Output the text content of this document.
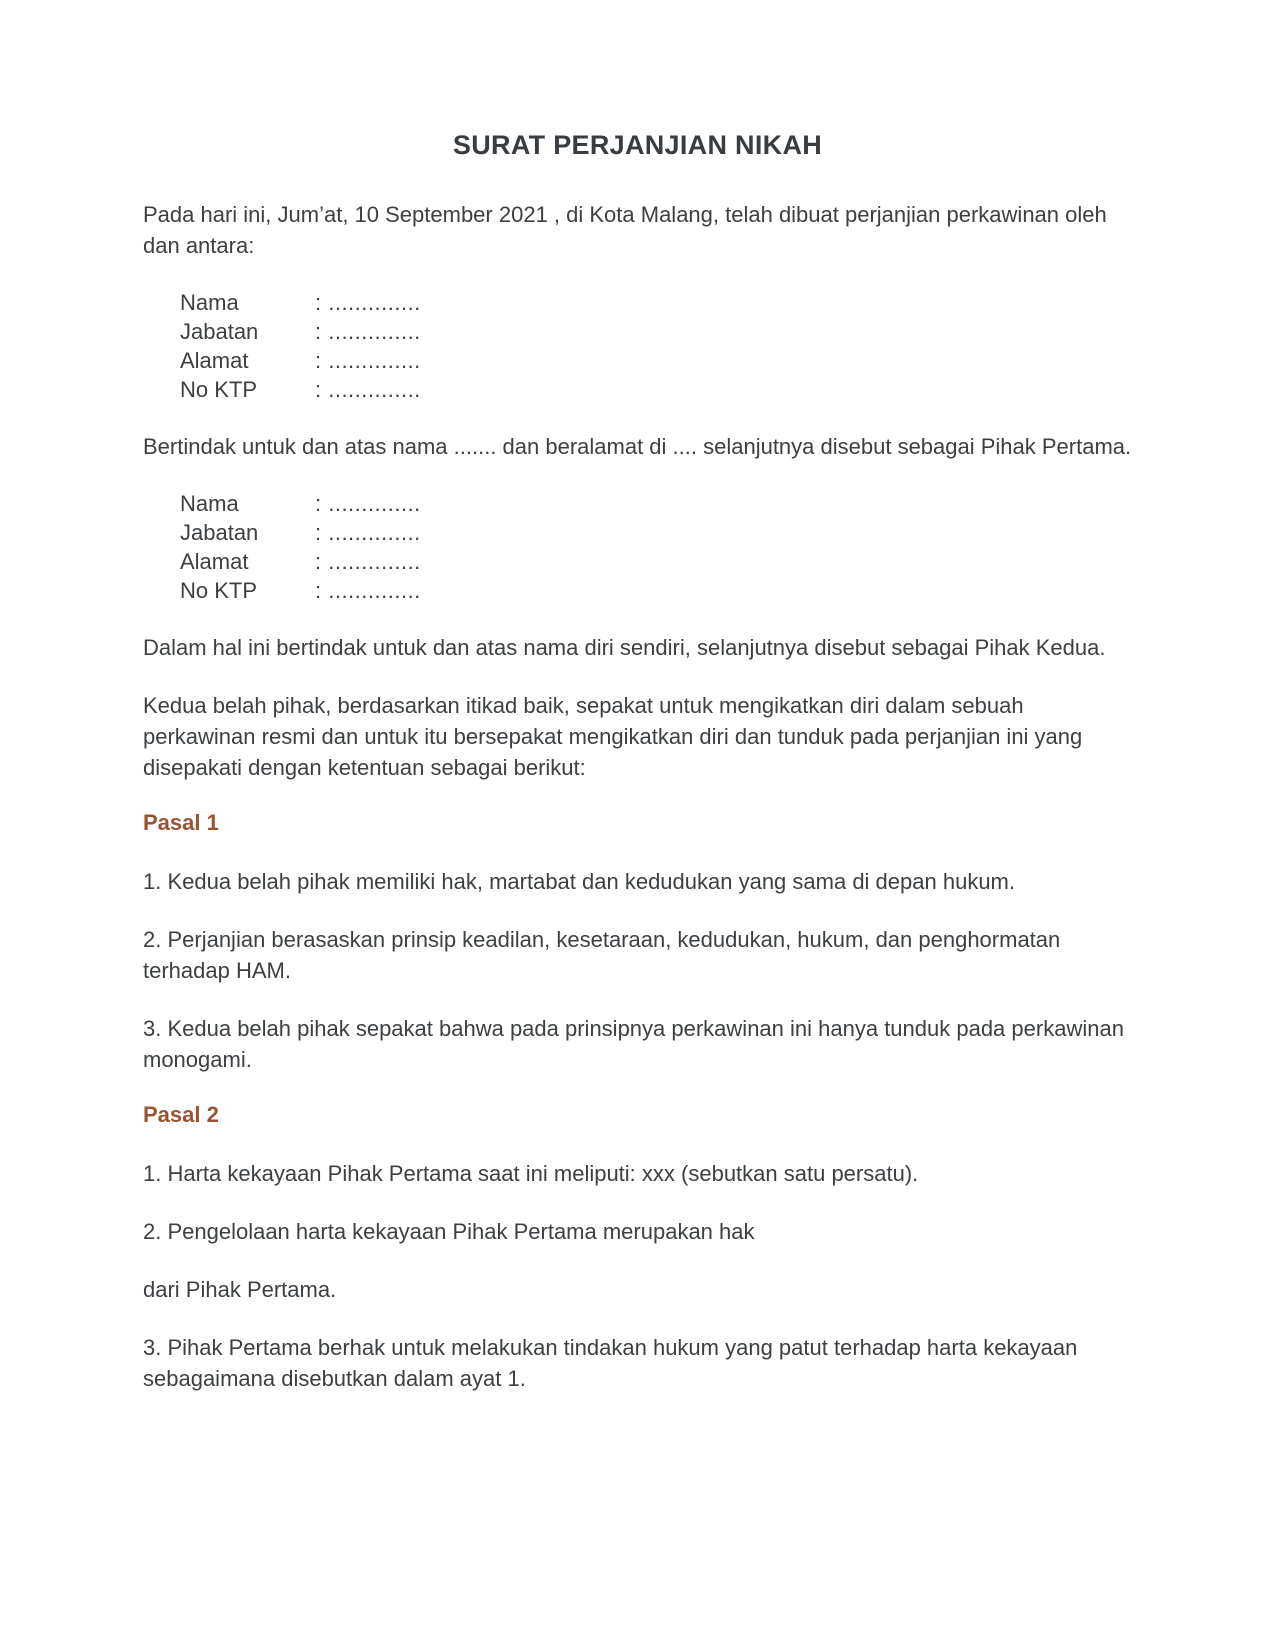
SURAT PERJANJIAN NIKAH

Pada hari ini, Jum’at, 10 September 2021 , di Kota Malang, telah dibuat perjanjian perkawinan oleh dan antara:

Nama	: ..............
Jabatan	: ..............
Alamat	: ..............
No KTP	: ..............

Bertindak untuk dan atas nama ....... dan beralamat di .... selanjutnya disebut sebagai Pihak Pertama.

Nama	: ..............
Jabatan	: ..............
Alamat	: ..............
No KTP	: ..............

Dalam hal ini bertindak untuk dan atas nama diri sendiri, selanjutnya disebut sebagai Pihak Kedua.

Kedua belah pihak, berdasarkan itikad baik, sepakat untuk mengikatkan diri dalam sebuah perkawinan resmi dan untuk itu bersepakat mengikatkan diri dan tunduk pada perjanjian ini yang disepakati dengan ketentuan sebagai berikut:

Pasal 1

1. Kedua belah pihak memiliki hak, martabat dan kedudukan yang sama di depan hukum.

2. Perjanjian berasaskan prinsip keadilan, kesetaraan, kedudukan, hukum, dan penghormatan terhadap HAM.

3. Kedua belah pihak sepakat bahwa pada prinsipnya perkawinan ini hanya tunduk pada perkawinan monogami.

Pasal 2

1. Harta kekayaan Pihak Pertama saat ini meliputi: xxx (sebutkan satu persatu).

2. Pengelolaan harta kekayaan Pihak Pertama merupakan hak

dari Pihak Pertama.

3. Pihak Pertama berhak untuk melakukan tindakan hukum yang patut terhadap harta kekayaan sebagaimana disebutkan dalam ayat 1.
